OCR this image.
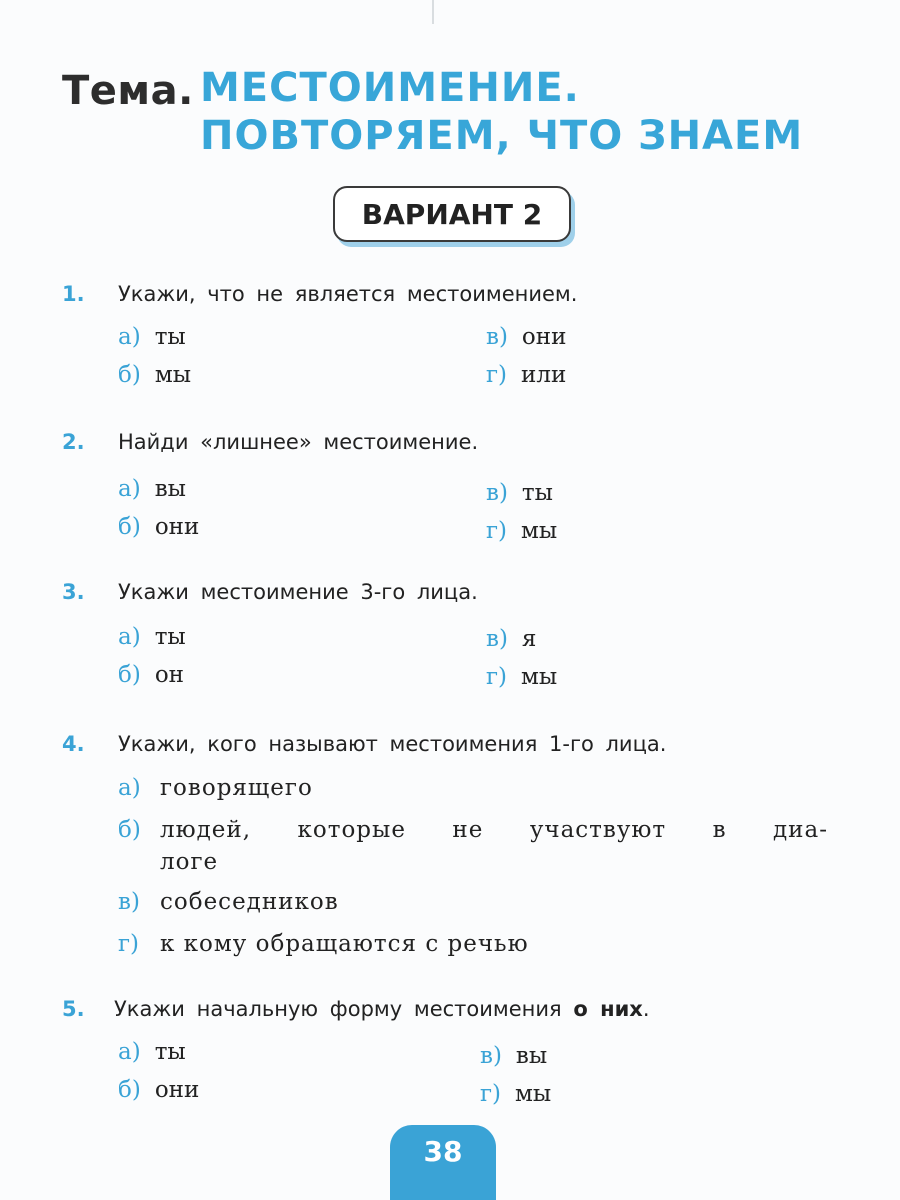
Тема. МЕСТОИМЕНИЕ.
ПОВТОРЯЕМ, ЧТО ЗНАЕМ
ВАРИАНТ 2
1. Укажи, что не является местоимением.
а) ты
б) мы
в) они
г) или
2. Найди «лишнее» местоимение.
а) вы
б) они
в) ты
г) мы
3. Укажи местоимение 3-го лица.
а) ты
б) он
в) я
г) мы
4. Укажи, кого называют местоимения 1-го лица.
а) говорящего
б) людей, которые не участвуют в диа-
логе
в) собеседников
г) к кому обращаются с речью
5. Укажи начальную форму местоимения о них.
а) ты
б) они
в) вы
г) мы
38
